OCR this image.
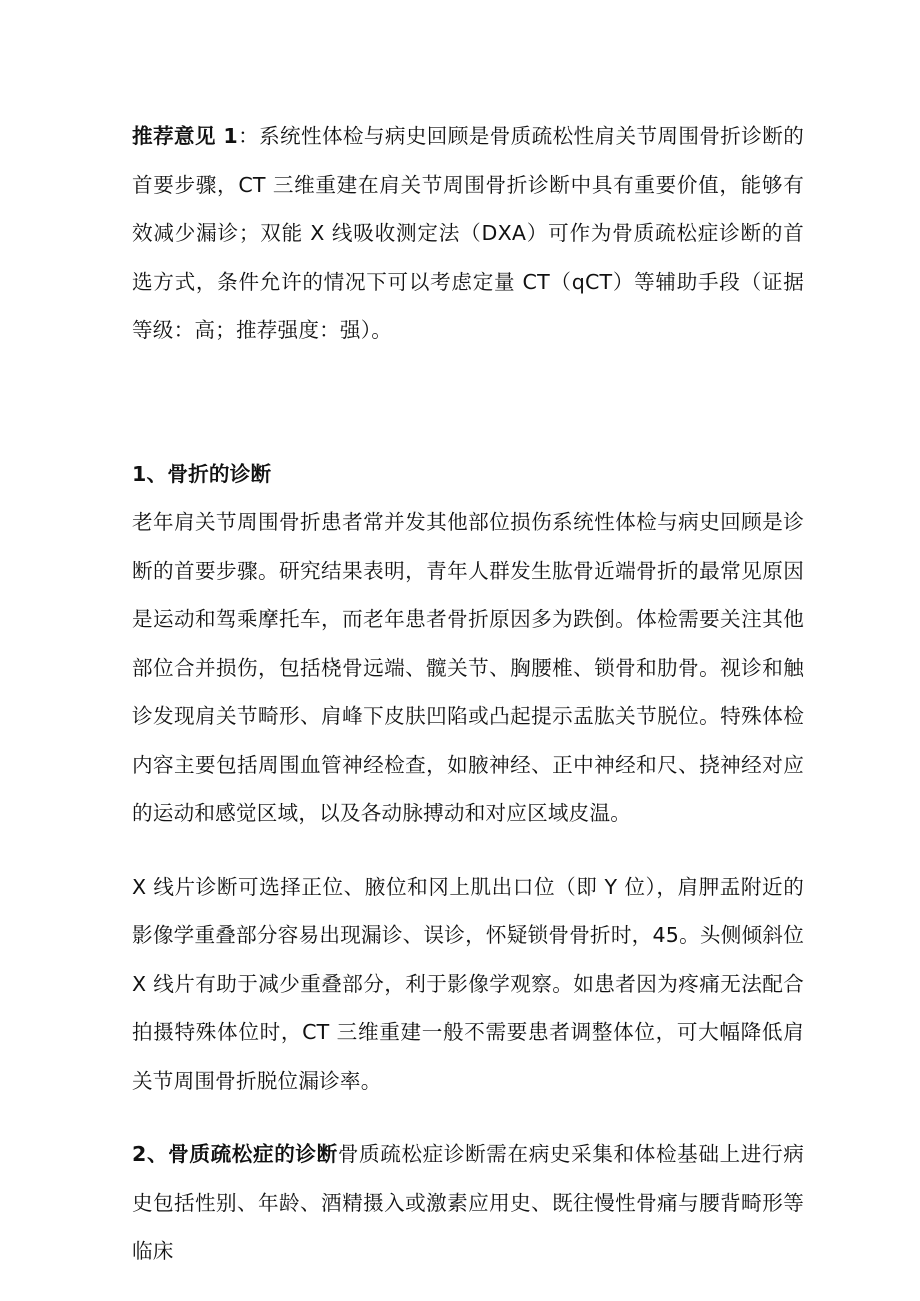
推荐意见 1：系统性体检与病史回顾是骨质疏松性肩关节周围骨折诊断的首要步骤，CT 三维重建在肩关节周围骨折诊断中具有重要价值，能够有效减少漏诊；双能 X 线吸收测定法（DXA）可作为骨质疏松症诊断的首选方式，条件允许的情况下可以考虑定量 CT（qCT）等辅助手段（证据等级：高；推荐强度：强）。

1、骨折的诊断

老年肩关节周围骨折患者常并发其他部位损伤系统性体检与病史回顾是诊断的首要步骤。研究结果表明，青年人群发生肱骨近端骨折的最常见原因是运动和驾乘摩托车，而老年患者骨折原因多为跌倒。体检需要关注其他部位合并损伤，包括桡骨远端、髋关节、胸腰椎、锁骨和肋骨。视诊和触诊发现肩关节畸形、肩峰下皮肤凹陷或凸起提示盂肱关节脱位。特殊体检内容主要包括周围血管神经检查，如腋神经、正中神经和尺、挠神经对应的运动和感觉区域，以及各动脉搏动和对应区域皮温。

X 线片诊断可选择正位、腋位和冈上肌出口位（即 Y 位），肩胛盂附近的影像学重叠部分容易出现漏诊、误诊，怀疑锁骨骨折时，45。头侧倾斜位 X 线片有助于减少重叠部分，利于影像学观察。如患者因为疼痛无法配合拍摄特殊体位时，CT 三维重建一般不需要患者调整体位，可大幅降低肩关节周围骨折脱位漏诊率。

2、骨质疏松症的诊断骨质疏松症诊断需在病史采集和体检基础上进行病史包括性别、年龄、酒精摄入或激素应用史、既往慢性骨痛与腰背畸形等临床
